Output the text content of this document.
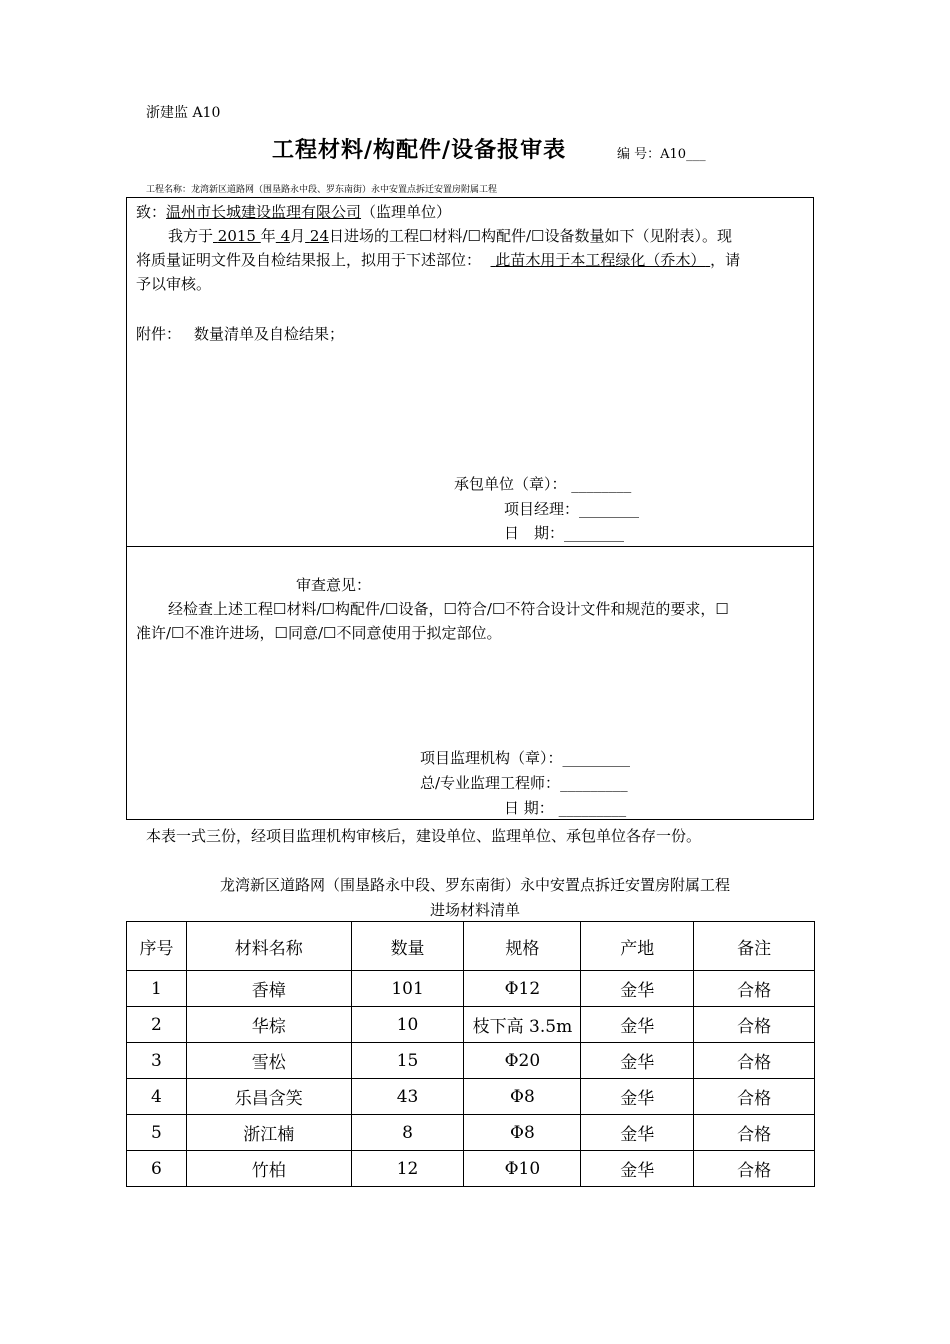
浙建监 A10
工程材料/构配件/设备报审表	编 号：A10___
工程名称：龙湾新区道路网（围垦路永中段、罗东南街）永中安置点拆迁安置房附属工程
致：温州市长城建设监理有限公司（监理单位）
我方于 2015 年 4月 24日进场的工程☐材料/☐构配件/☐设备数量如下（见附表）。现
将质量证明文件及自检结果报上，拟用于下述部位： 此苗木用于本工程绿化（乔木） ，请
予以审核。
附件： 数量清单及自检结果；
承包单位（章）： ________
项目经理：________
日　期：________
审查意见：
经检查上述工程☐材料/☐构配件/☐设备，☐符合/☐不符合设计文件和规范的要求，☐
准许/☐不准许进场，☐同意/☐不同意使用于拟定部位。
项目监理机构（章）：_________
总/专业监理工程师：_________
日 期： _________
本表一式三份，经项目监理机构审核后，建设单位、监理单位、承包单位各存一份。
龙湾新区道路网（围垦路永中段、罗东南街）永中安置点拆迁安置房附属工程
进场材料清单
序号	材料名称	数量	规格	产地	备注
1	香樟	101	Φ12	金华	合格
2	华棕	10	枝下高 3.5m	金华	合格
3	雪松	15	Φ20	金华	合格
4	乐昌含笑	43	Φ8	金华	合格
5	浙江楠	8	Φ8	金华	合格
6	竹柏	12	Φ10	金华	合格
